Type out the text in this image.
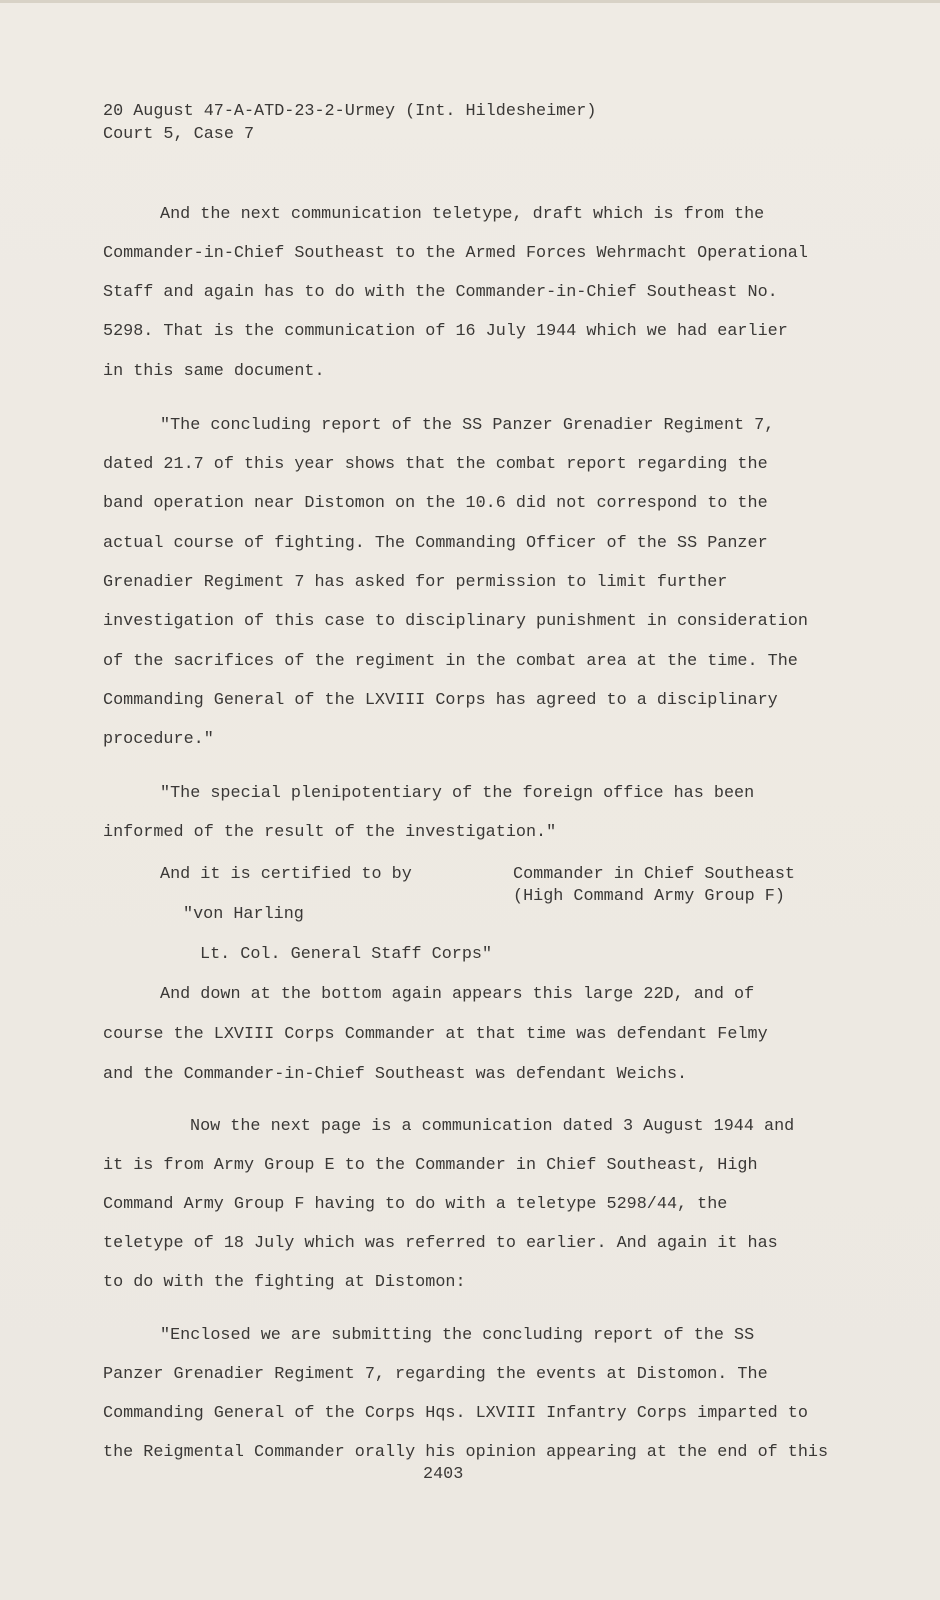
20 August 47-A-ATD-23-2-Urmey (Int. Hildesheimer)
Court 5, Case 7
And the next communication teletype, draft which is from the
Commander-in-Chief Southeast to the Armed Forces Wehrmacht Operational
Staff and again has to do with the Commander-in-Chief Southeast No.
5298. That is the communication of 16 July 1944 which we had earlier
in this same document.
"The concluding report of the SS Panzer Grenadier Regiment 7,
dated 21.7 of this year shows that the combat report regarding the
band operation near Distomon on the 10.6 did not correspond to the
actual course of fighting. The Commanding Officer of the SS Panzer
Grenadier Regiment 7 has asked for permission to limit further
investigation of this case to disciplinary punishment in consideration
of the sacrifices of the regiment in the combat area at the time. The
Commanding General of the LXVIII Corps has agreed to a disciplinary
procedure."
"The special plenipotentiary of the foreign office has been
informed of the result of the investigation."
And it is certified to by	Commander in Chief Southeast
(High Command Army Group F)
"von Harling
Lt. Col. General Staff Corps"
And down at the bottom again appears this large 22D, and of
course the LXVIII Corps Commander at that time was defendant Felmy
and the Commander-in-Chief Southeast was defendant Weichs.
Now the next page is a communication dated 3 August 1944 and
it is from Army Group E to the Commander in Chief Southeast, High
Command Army Group F having to do with a teletype 5298/44, the
teletype of 18 July which was referred to earlier. And again it has
to do with the fighting at Distomon:
"Enclosed we are submitting the concluding report of the SS
Panzer Grenadier Regiment 7, regarding the events at Distomon. The
Commanding General of the Corps Hqs. LXVIII Infantry Corps imparted to
the Reigmental Commander orally his opinion appearing at the end of this
2403
